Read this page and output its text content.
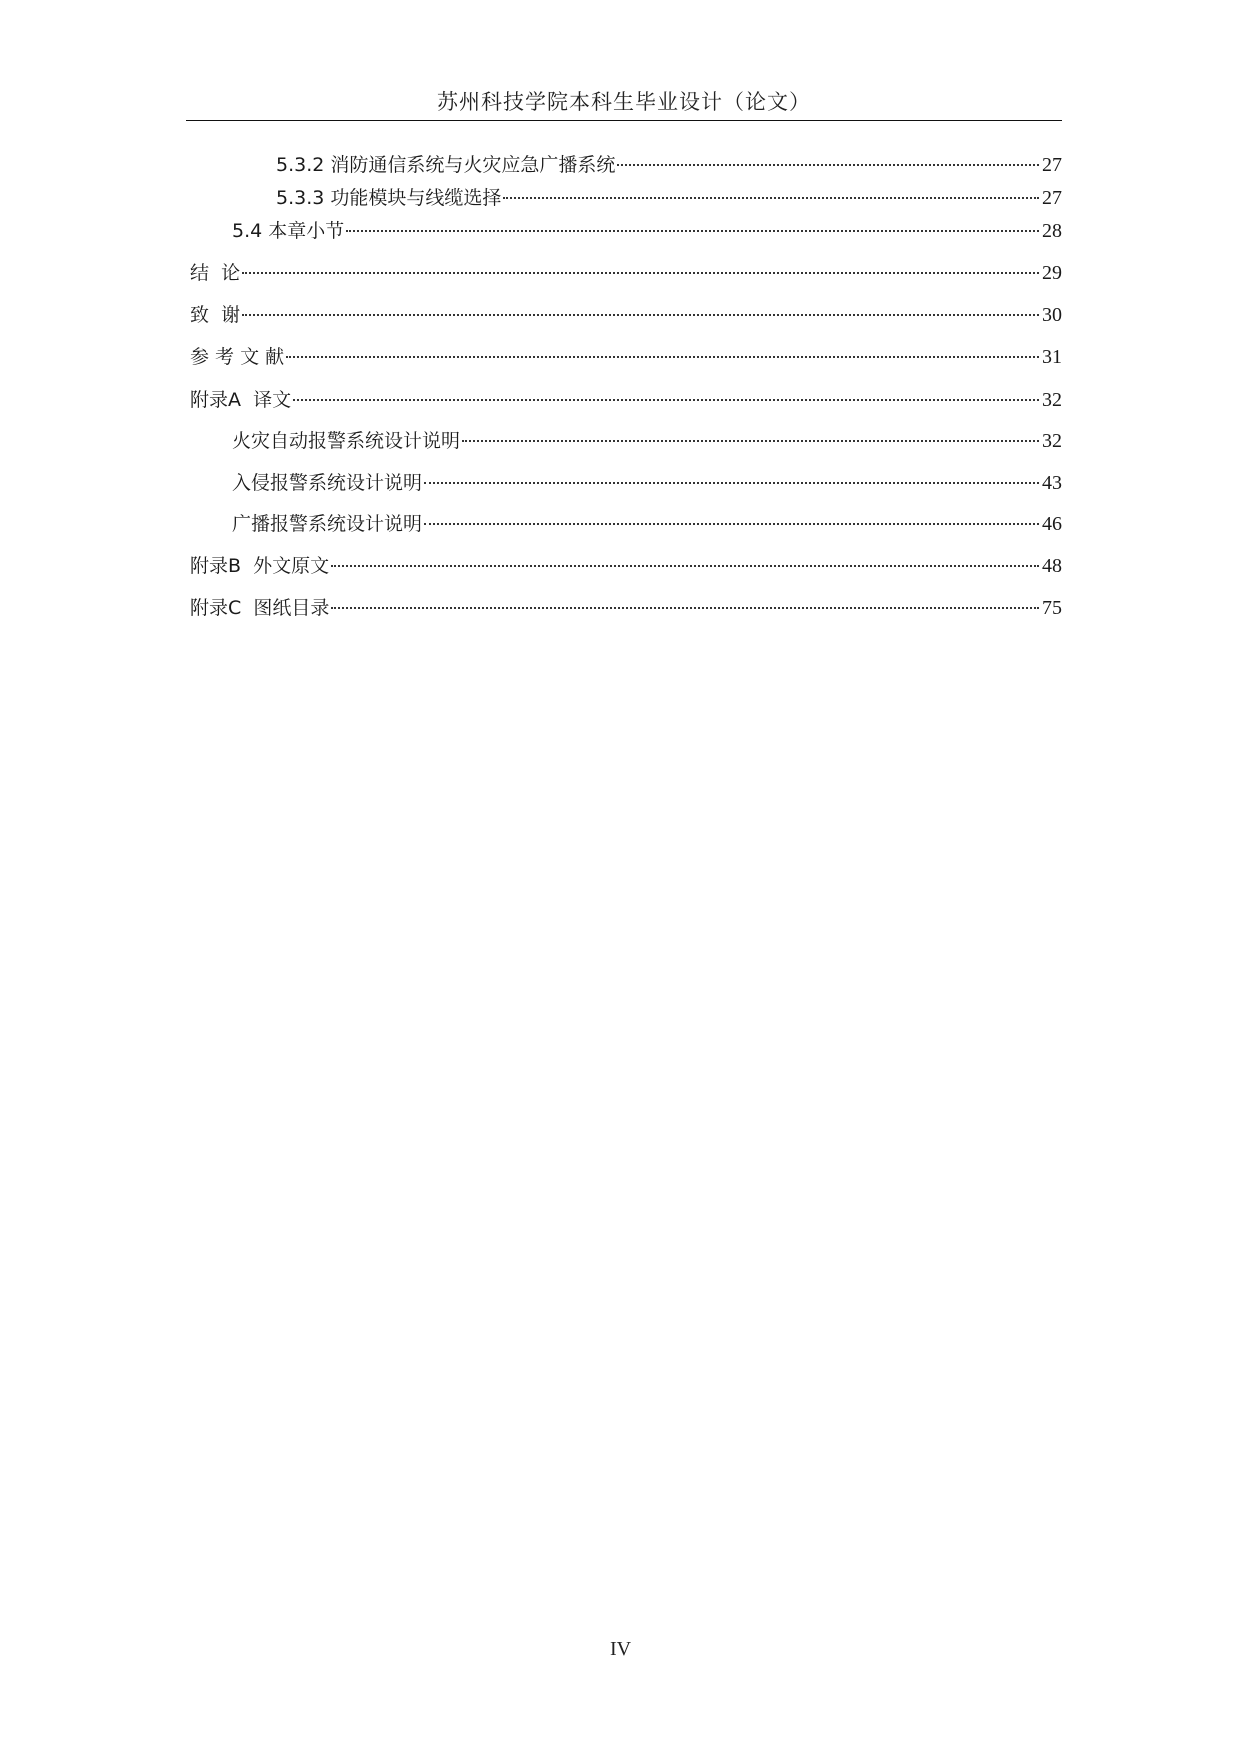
苏州科技学院本科生毕业设计（论文）
5.3.2 消防通信系统与火灾应急广播系统	27
5.3.3 功能模块与线缆选择	27
5.4 本章小节	28
结  论	29
致  谢	30
参 考 文 献	31
附录A  译文	32
火灾自动报警系统设计说明	32
入侵报警系统设计说明	43
广播报警系统设计说明	46
附录B  外文原文	48
附录C  图纸目录	75
IV
